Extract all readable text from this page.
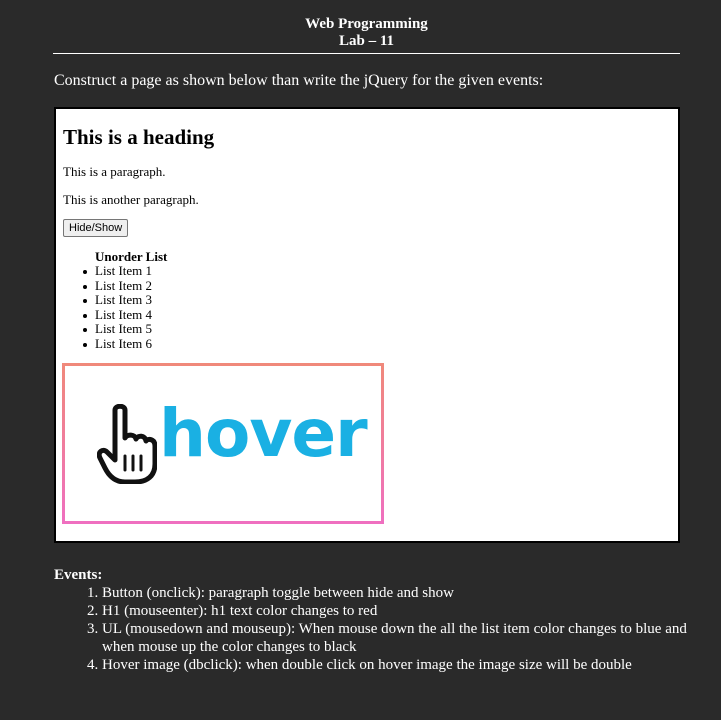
Web Programming
Lab – 11
Construct a page as shown below than write the jQuery for the given events:
This is a heading

This is a paragraph.

This is another paragraph.

Hide/Show
Unorder List
List Item 1
List Item 2
List Item 3
List Item 4
List Item 5
List Item 6
hover
Events:
1. Button (onclick): paragraph toggle between hide and show
2. H1 (mouseenter): h1 text color changes to red
3. UL (mousedown and mouseup): When mouse down the all the list item color changes to blue and when mouse up the color changes to black
4. Hover image (dbclick): when double click on hover image the image size will be double
